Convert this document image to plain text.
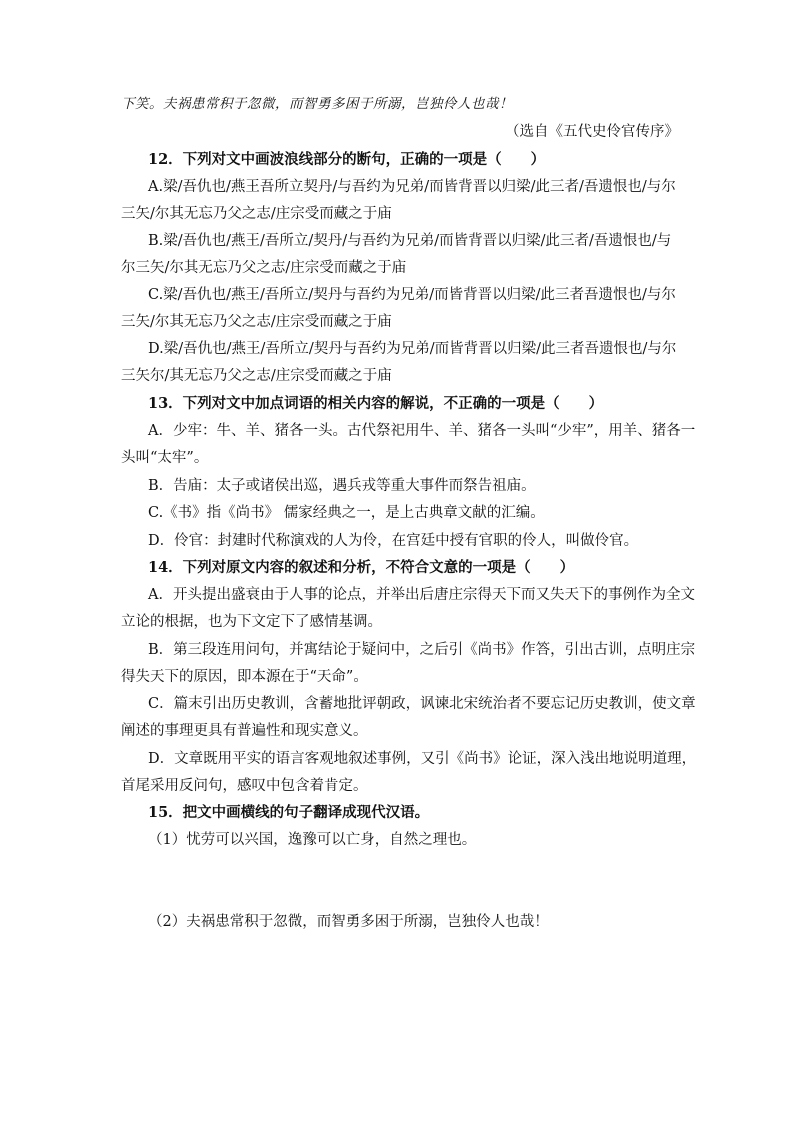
下笑。夫祸患常积于忽微，而智勇多困于所溺，岂独伶人也哉！
（选自《五代史伶官传序》
12．下列对文中画波浪线部分的断句，正确的一项是（　　）
A.梁/吾仇也/燕王吾所立契丹/与吾约为兄弟/而皆背晋以归梁/此三者/吾遗恨也/与尔
三矢/尔其无忘乃父之志/庄宗受而藏之于庙
B.梁/吾仇也/燕王/吾所立/契丹/与吾约为兄弟/而皆背晋以归梁/此三者/吾遗恨也/与
尔三矢/尔其无忘乃父之志/庄宗受而藏之于庙
C.梁/吾仇也/燕王/吾所立/契丹与吾约为兄弟/而皆背晋以归梁/此三者吾遗恨也/与尔
三矢/尔其无忘乃父之志/庄宗受而藏之于庙
D.梁/吾仇也/燕王/吾所立/契丹与吾约为兄弟/而皆背晋以归梁/此三者吾遗恨也/与尔
三矢尔/其无忘乃父之志/庄宗受而藏之于庙
13．下列对文中加点词语的相关内容的解说，不正确的一项是（　　）
A．少牢：牛、羊、猪各一头。古代祭祀用牛、羊、猪各一头叫“少牢”，用羊、猪各一
头叫“太牢”。
B．告庙：太子或诸侯出巡，遇兵戎等重大事件而祭告祖庙。
C.《书》指《尚书》 儒家经典之一，是上古典章文献的汇编。
D．伶官：封建时代称演戏的人为伶，在宫廷中授有官职的伶人，叫做伶官。
14．下列对原文内容的叙述和分析，不符合文意的一项是（　　）
A．开头提出盛衰由于人事的论点，并举出后唐庄宗得天下而又失天下的事例作为全文
立论的根据，也为下文定下了感情基调。
B．第三段连用问句，并寓结论于疑问中，之后引《尚书》作答，引出古训，点明庄宗
得失天下的原因，即本源在于“天命”。
C．篇末引出历史教训，含蓄地批评朝政，讽谏北宋统治者不要忘记历史教训，使文章
阐述的事理更具有普遍性和现实意义。
D．文章既用平实的语言客观地叙述事例，又引《尚书》论证，深入浅出地说明道理，
首尾采用反问句，感叹中包含着肯定。
15．把文中画横线的句子翻译成现代汉语。
（1）忧劳可以兴国，逸豫可以亡身，自然之理也。
（2）夫祸患常积于忽微，而智勇多困于所溺，岂独伶人也哉！
